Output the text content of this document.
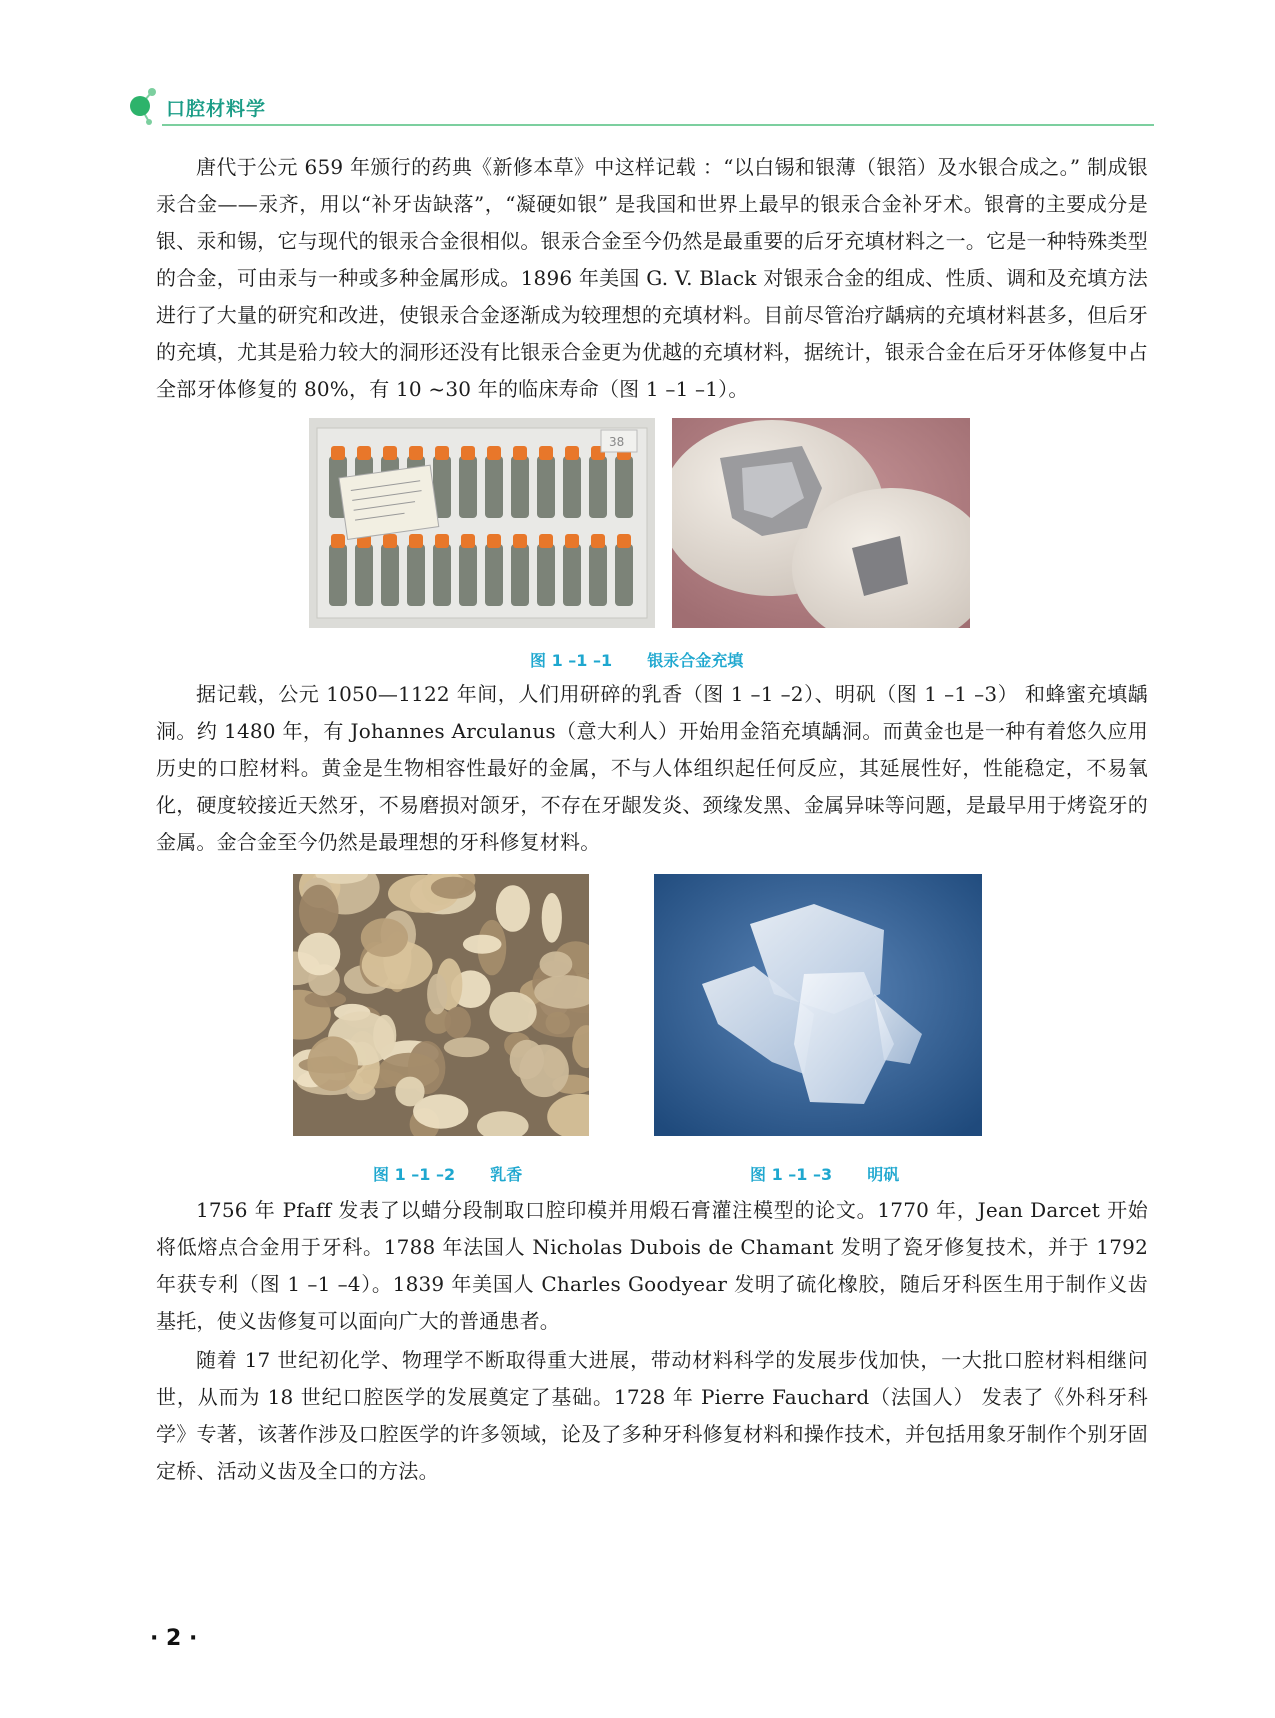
口腔材料学

唐代于公元 659 年颁行的药典《新修本草》中这样记载 ：“以白锡和银薄（银箔）及水银合成之。” 制成银汞合金——汞齐，用以“补牙齿缺落”，“凝硬如银” 是我国和世界上最早的银汞合金补牙术。银膏的主要成分是银、汞和锡，它与现代的银汞合金很相似。银汞合金至今仍然是最重要的后牙充填材料之一。它是一种特殊类型的合金，可由汞与一种或多种金属形成。1896 年美国 G. V. Black 对银汞合金的组成、性质、调和及充填方法进行了大量的研究和改进，使银汞合金逐渐成为较理想的充填材料。目前尽管治疗龋病的充填材料甚多，但后牙的充填，尤其是𬌗力较大的洞形还没有比银汞合金更为优越的充填材料，据统计，银汞合金在后牙牙体修复中占全部牙体修复的 80%，有 10 ~30 年的临床寿命（图 1 –1 –1）。

38
图 1 –1 –1 银汞合金充填

据记载，公元 1050—1122 年间，人们用研碎的乳香（图 1 –1 –2）、明矾（图 1 –1 –3） 和蜂蜜充填龋洞。约 1480 年，有 Johannes Arculanus（意大利人）开始用金箔充填龋洞。而黄金也是一种有着悠久应用历史的口腔材料。黄金是生物相容性最好的金属，不与人体组织起任何反应，其延展性好，性能稳定，不易氧化，硬度较接近天然牙，不易磨损对颌牙，不存在牙龈发炎、颈缘发黑、金属异味等问题，是最早用于烤瓷牙的金属。金合金至今仍然是最理想的牙科修复材料。

图 1 –1 –2 乳香	图 1 –1 –3 明矾

1756 年 Pfaff 发表了以蜡分段制取口腔印模并用煅石膏灌注模型的论文。1770 年，Jean Darcet 开始将低熔点合金用于牙科。1788 年法国人 Nicholas Dubois de Chamant 发明了瓷牙修复技术，并于 1792 年获专利（图 1 –1 –4）。1839 年美国人 Charles Goodyear 发明了硫化橡胶，随后牙科医生用于制作义齿基托，使义齿修复可以面向广大的普通患者。

随着 17 世纪初化学、物理学不断取得重大进展，带动材料科学的发展步伐加快，一大批口腔材料相继问世，从而为 18 世纪口腔医学的发展奠定了基础。1728 年 Pierre Fauchard（法国人） 发表了《外科牙科学》专著，该著作涉及口腔医学的许多领域，论及了多种牙科修复材料和操作技术，并包括用象牙制作个别牙固定桥、活动义齿及全口的方法。

· 2 ·
